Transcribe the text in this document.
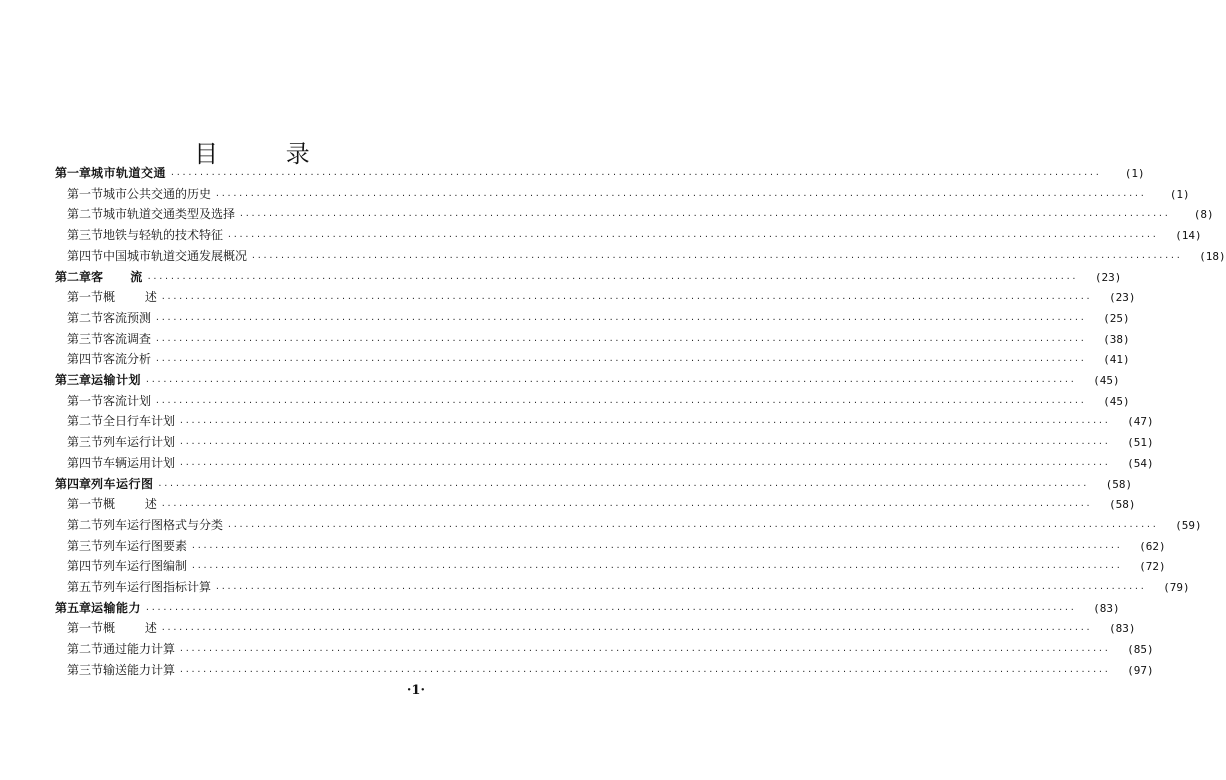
目 录
第一章 城市轨道交通 ································································································································································	(1)
第一节 城市公共交通的历史 ································································································································································	(1)
第二节 城市轨道交通类型及选择 ································································································································································	(8)
第三节 地铁与轻轨的技术特征 ································································································································································	(14)
第四节 中国城市轨道交通发展概况 ································································································································································	(18)
第二章 客 流 ································································································································································	(23)
第一节 概 述 ································································································································································	(23)
第二节 客流预测 ································································································································································	(25)
第三节 客流调查 ································································································································································	(38)
第四节 客流分析 ································································································································································	(41)
第三章 运输计划 ································································································································································	(45)
第一节 客流计划 ································································································································································	(45)
第二节 全日行车计划 ································································································································································	(47)
第三节 列车运行计划 ································································································································································	(51)
第四节 车辆运用计划 ································································································································································	(54)
第四章 列车运行图 ································································································································································	(58)
第一节 概 述 ································································································································································	(58)
第二节 列车运行图格式与分类 ································································································································································	(59)
第三节 列车运行图要素 ································································································································································	(62)
第四节 列车运行图编制 ································································································································································	(72)
第五节 列车运行图指标计算 ································································································································································	(79)
第五章 运输能力 ································································································································································	(83)
第一节 概 述 ································································································································································	(83)
第二节 通过能力计算 ································································································································································	(85)
第三节 输送能力计算 ································································································································································	(97)
·1·
